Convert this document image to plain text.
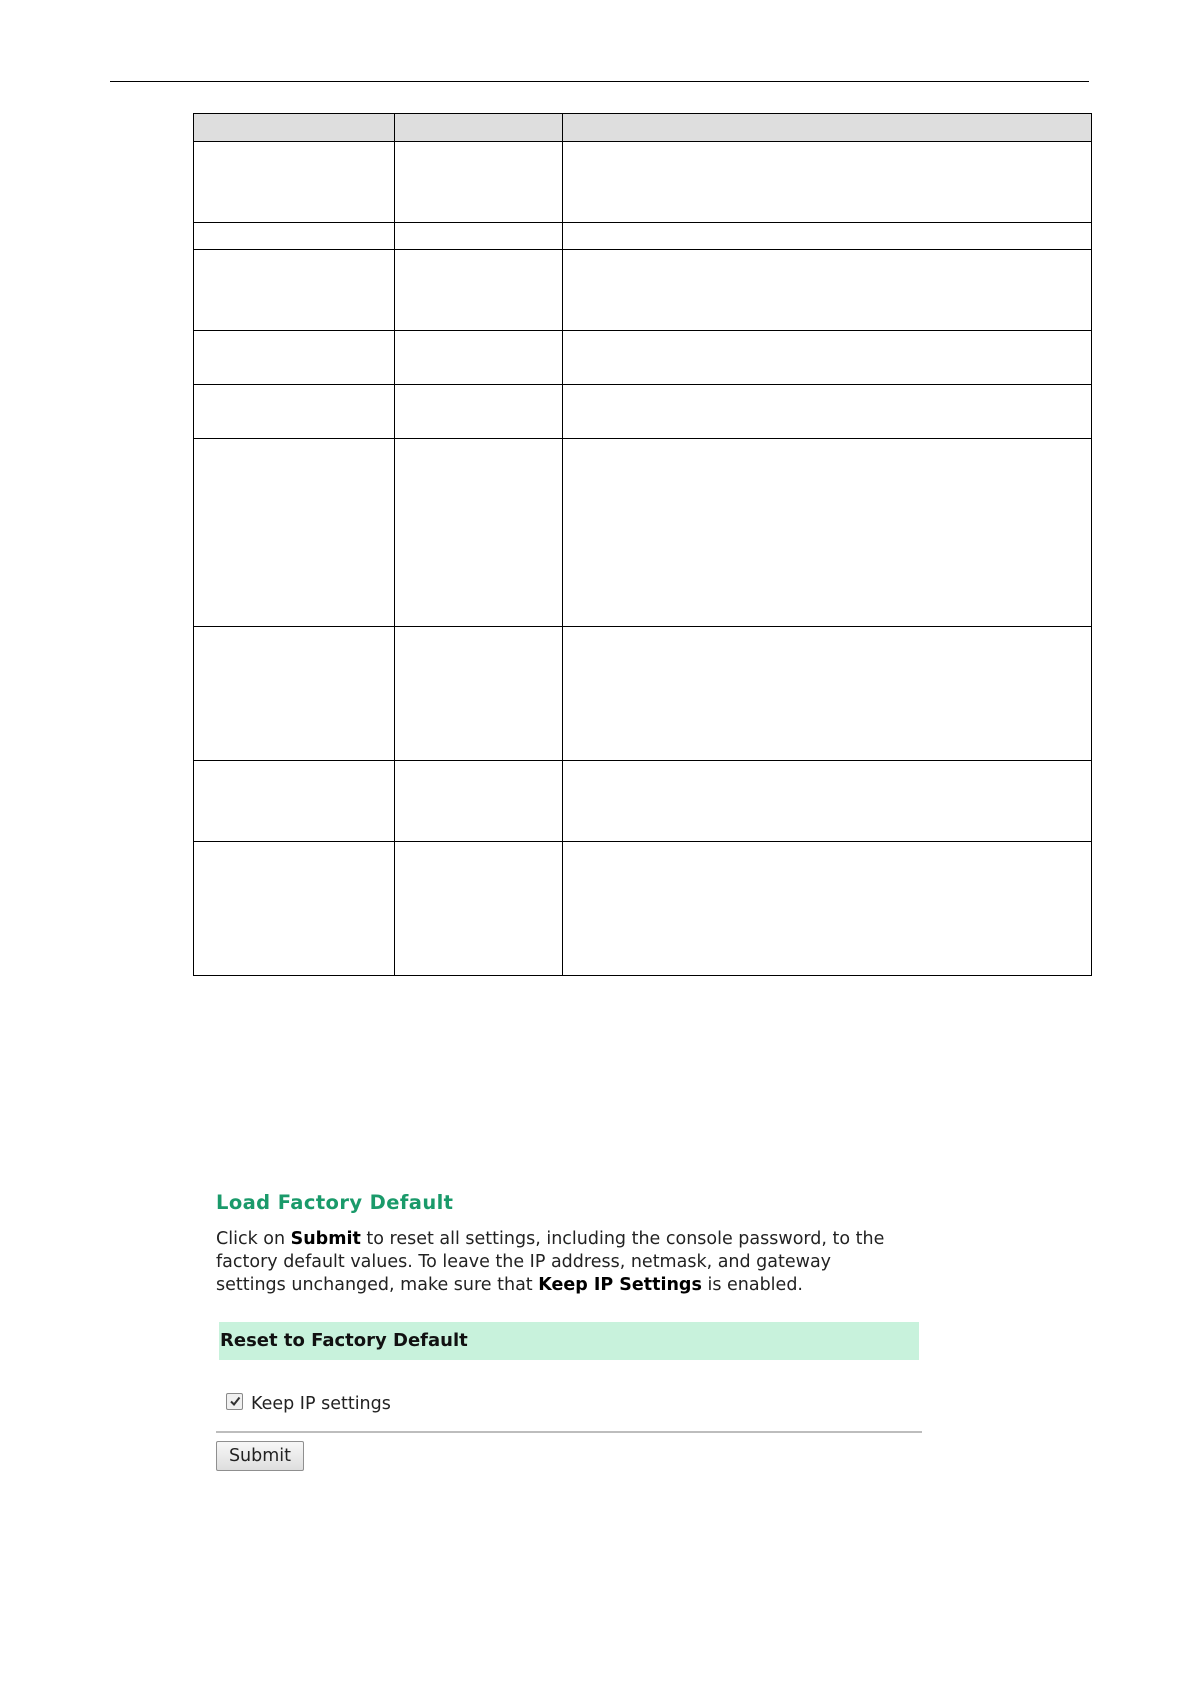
Load Factory Default
Click on Submit to reset all settings, including the console password, to the factory default values. To leave the IP address, netmask, and gateway settings unchanged, make sure that Keep IP Settings is enabled.
Reset to Factory Default
Keep IP settings
Submit
